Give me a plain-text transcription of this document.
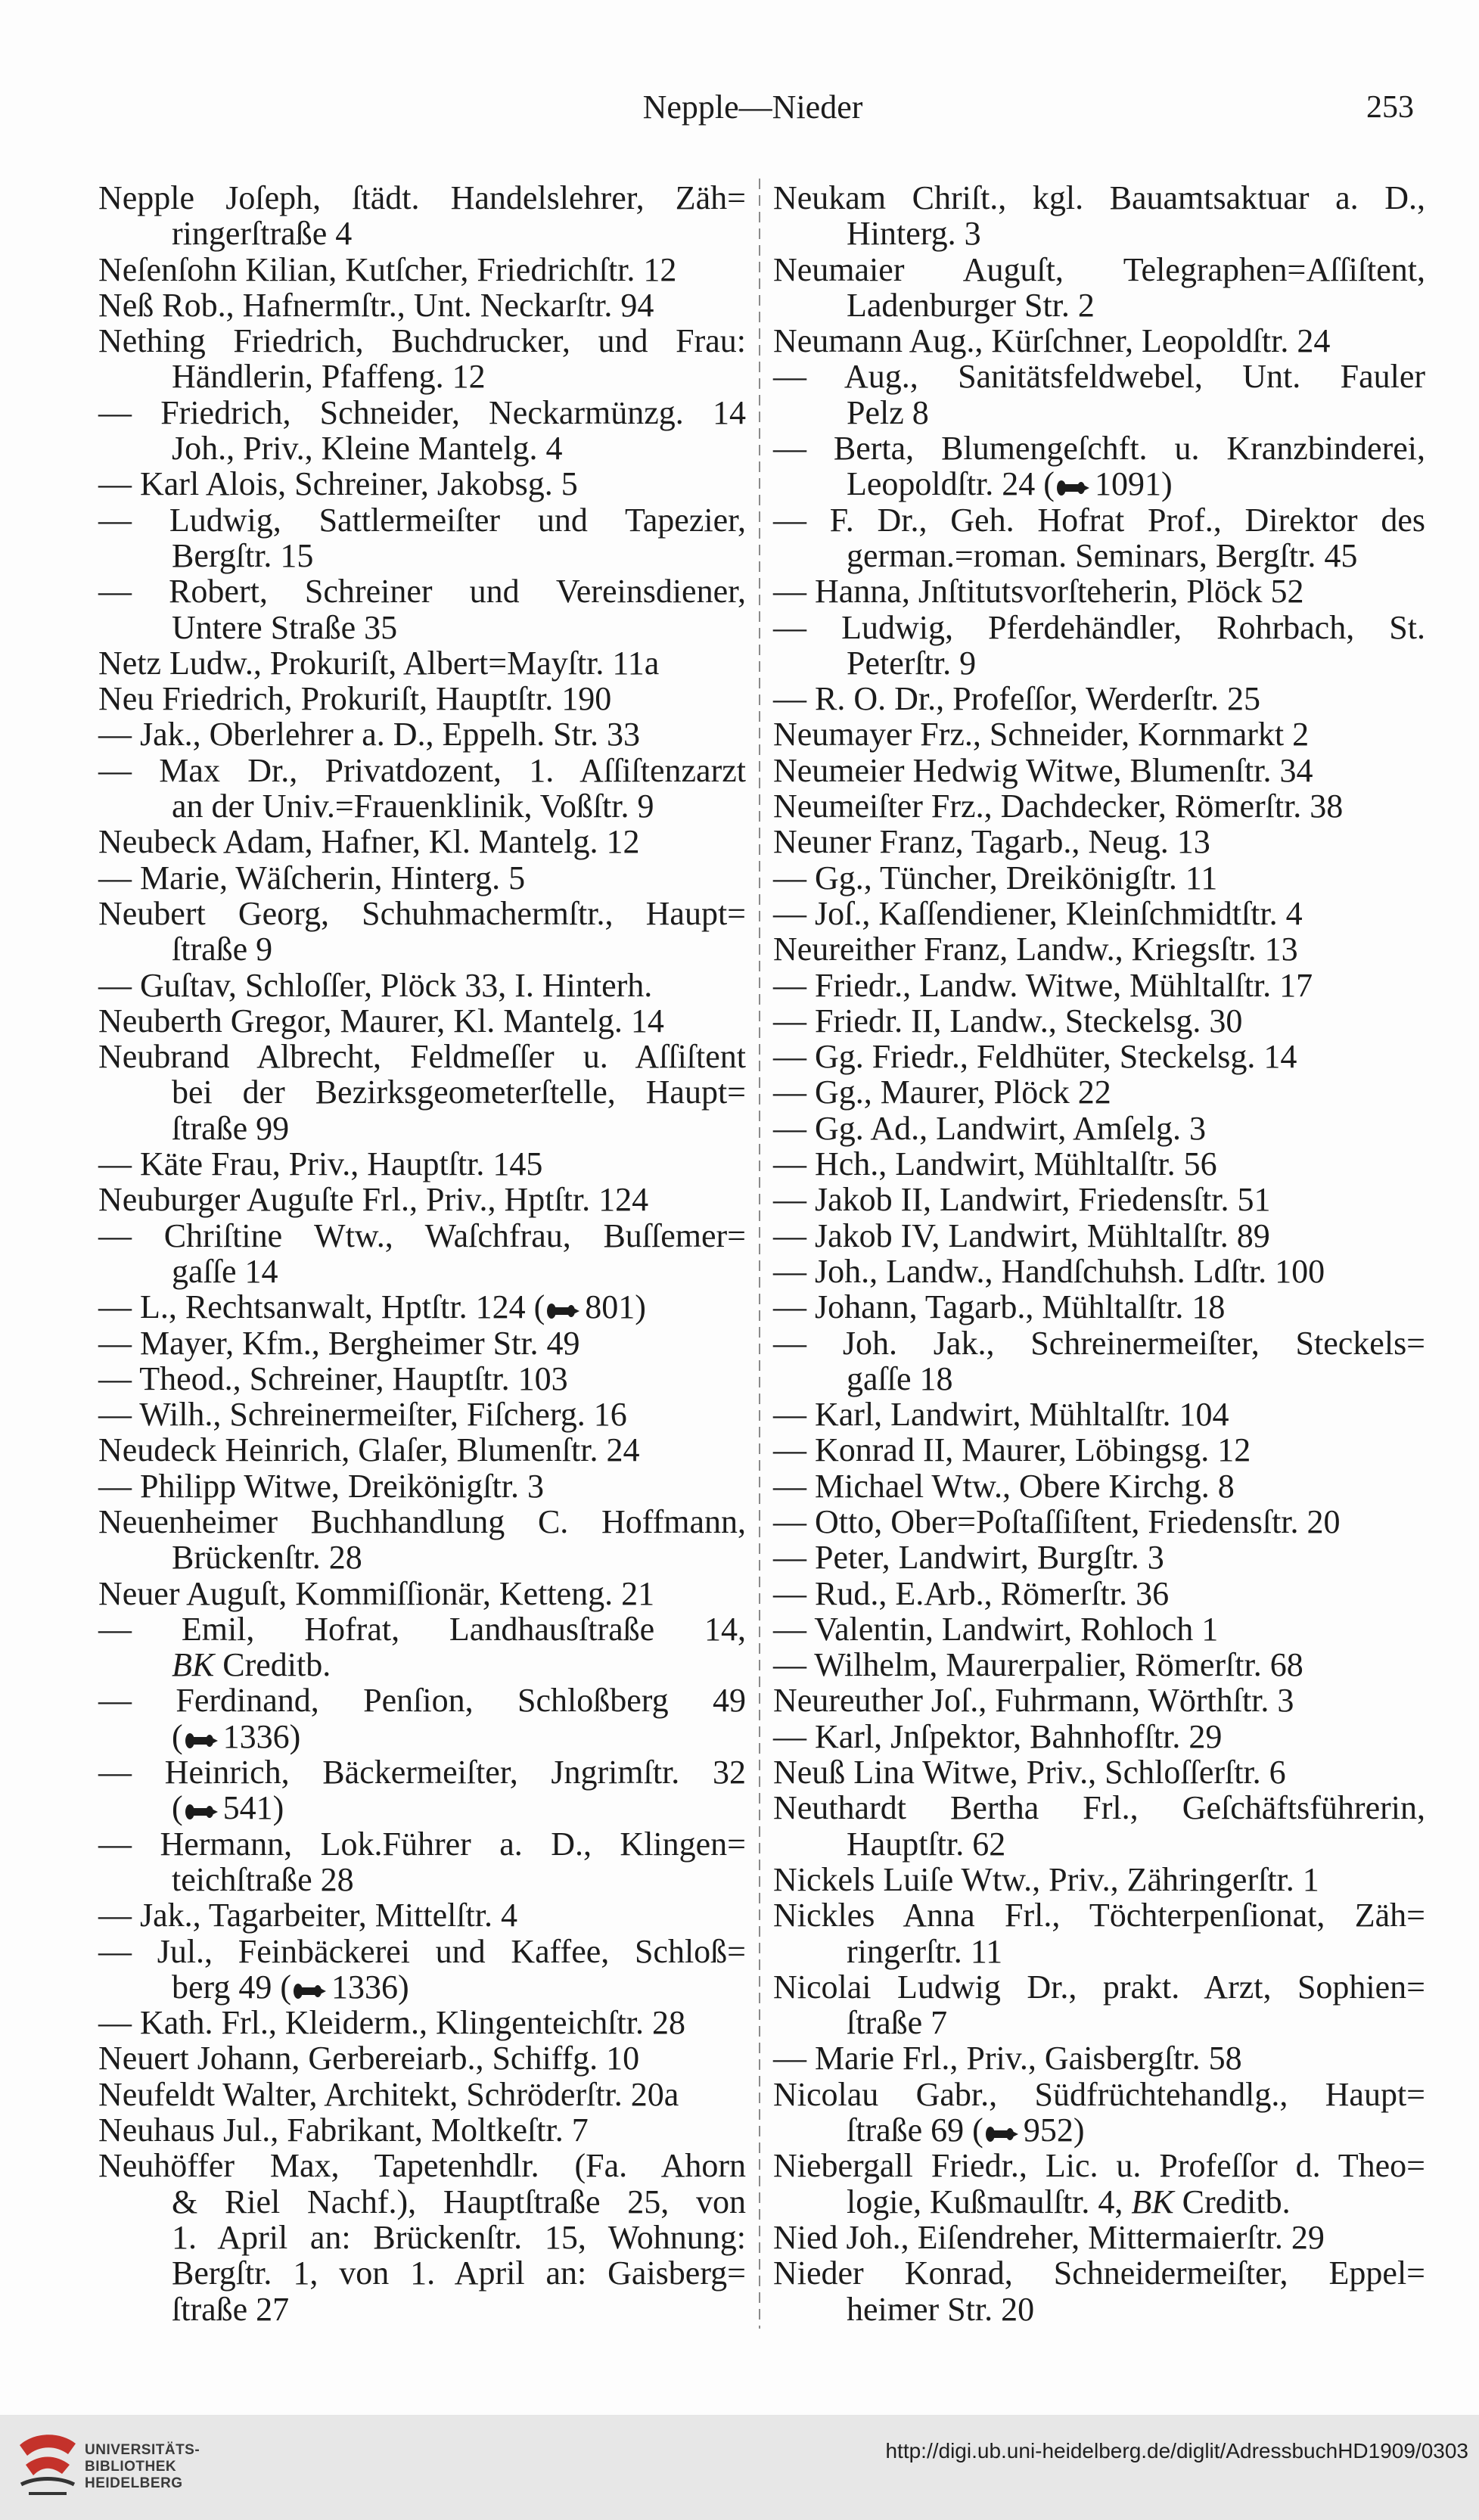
Nepple—Nieder	253
Nepple Joſeph, ſtädt. Handelslehrer, Zäh=
ringerſtraße 4
Neſenſohn Kilian, Kutſcher, Friedrichſtr. 12
Neß Rob., Hafnermſtr., Unt. Neckarſtr. 94
Nething Friedrich, Buchdrucker, und Frau:
Händlerin, Pfaffeng. 12
— Friedrich, Schneider, Neckarmünzg. 14
Joh., Priv., Kleine Mantelg. 4
— Karl Alois, Schreiner, Jakobsg. 5
— Ludwig, Sattlermeiſter und Tapezier,
Bergſtr. 15
— Robert, Schreiner und Vereinsdiener,
Untere Straße 35
Netz Ludw., Prokuriſt, Albert=Mayſtr. 11a
Neu Friedrich, Prokuriſt, Hauptſtr. 190
— Jak., Oberlehrer a. D., Eppelh. Str. 33
— Max Dr., Privatdozent, 1. Aſſiſtenzarzt
an der Univ.=Frauenklinik, Voßſtr. 9
Neubeck Adam, Hafner, Kl. Mantelg. 12
— Marie, Wäſcherin, Hinterg. 5
Neubert Georg, Schuhmachermſtr., Haupt=
ſtraße 9
— Guſtav, Schloſſer, Plöck 33, I. Hinterh.
Neuberth Gregor, Maurer, Kl. Mantelg. 14
Neubrand Albrecht, Feldmeſſer u. Aſſiſtent
bei der Bezirksgeometerſtelle, Haupt=
ſtraße 99
— Käte Frau, Priv., Hauptſtr. 145
Neuburger Auguſte Frl., Priv., Hptſtr. 124
— Chriſtine Wtw., Waſchfrau, Buſſemer=
gaſſe 14
— L., Rechtsanwalt, Hptſtr. 124 ( 801)
— Mayer, Kfm., Bergheimer Str. 49
— Theod., Schreiner, Hauptſtr. 103
— Wilh., Schreinermeiſter, Fiſcherg. 16
Neudeck Heinrich, Glaſer, Blumenſtr. 24
— Philipp Witwe, Dreikönigſtr. 3
Neuenheimer Buchhandlung C. Hoffmann,
Brückenſtr. 28
Neuer Auguſt, Kommiſſionär, Ketteng. 21
— Emil, Hofrat, Landhausſtraße 14,
BK Creditb.
— Ferdinand, Penſion, Schloßberg 49
( 1336)
— Heinrich, Bäckermeiſter, Jngrimſtr. 32
( 541)
— Hermann, Lok.Führer a. D., Klingen=
teichſtraße 28
— Jak., Tagarbeiter, Mittelſtr. 4
— Jul., Feinbäckerei und Kaffee, Schloß=
berg 49 ( 1336)
— Kath. Frl., Kleiderm., Klingenteichſtr. 28
Neuert Johann, Gerbereiarb., Schiffg. 10
Neufeldt Walter, Architekt, Schröderſtr. 20a
Neuhaus Jul., Fabrikant, Moltkeſtr. 7
Neuhöffer Max, Tapetenhdlr. (Fa. Ahorn
& Riel Nachf.), Hauptſtraße 25, von
1. April an: Brückenſtr. 15, Wohnung:
Bergſtr. 1, von 1. April an: Gaisberg=
ſtraße 27
Neukam Chriſt., kgl. Bauamtsaktuar a. D.,
Hinterg. 3
Neumaier Auguſt, Telegraphen=Aſſiſtent,
Ladenburger Str. 2
Neumann Aug., Kürſchner, Leopoldſtr. 24
— Aug., Sanitätsfeldwebel, Unt. Fauler
Pelz 8
— Berta, Blumengeſchft. u. Kranzbinderei,
Leopoldſtr. 24 ( 1091)
— F. Dr., Geh. Hofrat Prof., Direktor des
german.=roman. Seminars, Bergſtr. 45
— Hanna, Jnſtitutsvorſteherin, Plöck 52
— Ludwig, Pferdehändler, Rohrbach, St.
Peterſtr. 9
— R. O. Dr., Profeſſor, Werderſtr. 25
Neumayer Frz., Schneider, Kornmarkt 2
Neumeier Hedwig Witwe, Blumenſtr. 34
Neumeiſter Frz., Dachdecker, Römerſtr. 38
Neuner Franz, Tagarb., Neug. 13
— Gg., Tüncher, Dreikönigſtr. 11
— Joſ., Kaſſendiener, Kleinſchmidtſtr. 4
Neureither Franz, Landw., Kriegsſtr. 13
— Friedr., Landw. Witwe, Mühltalſtr. 17
— Friedr. II, Landw., Steckelsg. 30
— Gg. Friedr., Feldhüter, Steckelsg. 14
— Gg., Maurer, Plöck 22
— Gg. Ad., Landwirt, Amſelg. 3
— Hch., Landwirt, Mühltalſtr. 56
— Jakob II, Landwirt, Friedensſtr. 51
— Jakob IV, Landwirt, Mühltalſtr. 89
— Joh., Landw., Handſchuhsh. Ldſtr. 100
— Johann, Tagarb., Mühltalſtr. 18
— Joh. Jak., Schreinermeiſter, Steckels=
gaſſe 18
— Karl, Landwirt, Mühltalſtr. 104
— Konrad II, Maurer, Löbingsg. 12
— Michael Wtw., Obere Kirchg. 8
— Otto, Ober=Poſtaſſiſtent, Friedensſtr. 20
— Peter, Landwirt, Burgſtr. 3
— Rud., E.Arb., Römerſtr. 36
— Valentin, Landwirt, Rohloch 1
— Wilhelm, Maurerpalier, Römerſtr. 68
Neureuther Joſ., Fuhrmann, Wörthſtr. 3
— Karl, Jnſpektor, Bahnhofſtr. 29
Neuß Lina Witwe, Priv., Schloſſerſtr. 6
Neuthardt Bertha Frl., Geſchäftsführerin,
Hauptſtr. 62
Nickels Luiſe Wtw., Priv., Zähringerſtr. 1
Nickles Anna Frl., Töchterpenſionat, Zäh=
ringerſtr. 11
Nicolai Ludwig Dr., prakt. Arzt, Sophien=
ſtraße 7
— Marie Frl., Priv., Gaisbergſtr. 58
Nicolau Gabr., Südfrüchtehandlg., Haupt=
ſtraße 69 ( 952)
Niebergall Friedr., Lic. u. Profeſſor d. Theo=
logie, Kußmaulſtr. 4, BK Creditb.
Nied Joh., Eiſendreher, Mittermaierſtr. 29
Nieder Konrad, Schneidermeiſter, Eppel=
heimer Str. 20
UNIVERSITÄTS-
BIBLIOTHEK
HEIDELBERG
http://digi.ub.uni-heidelberg.de/diglit/AdressbuchHD1909/0303
